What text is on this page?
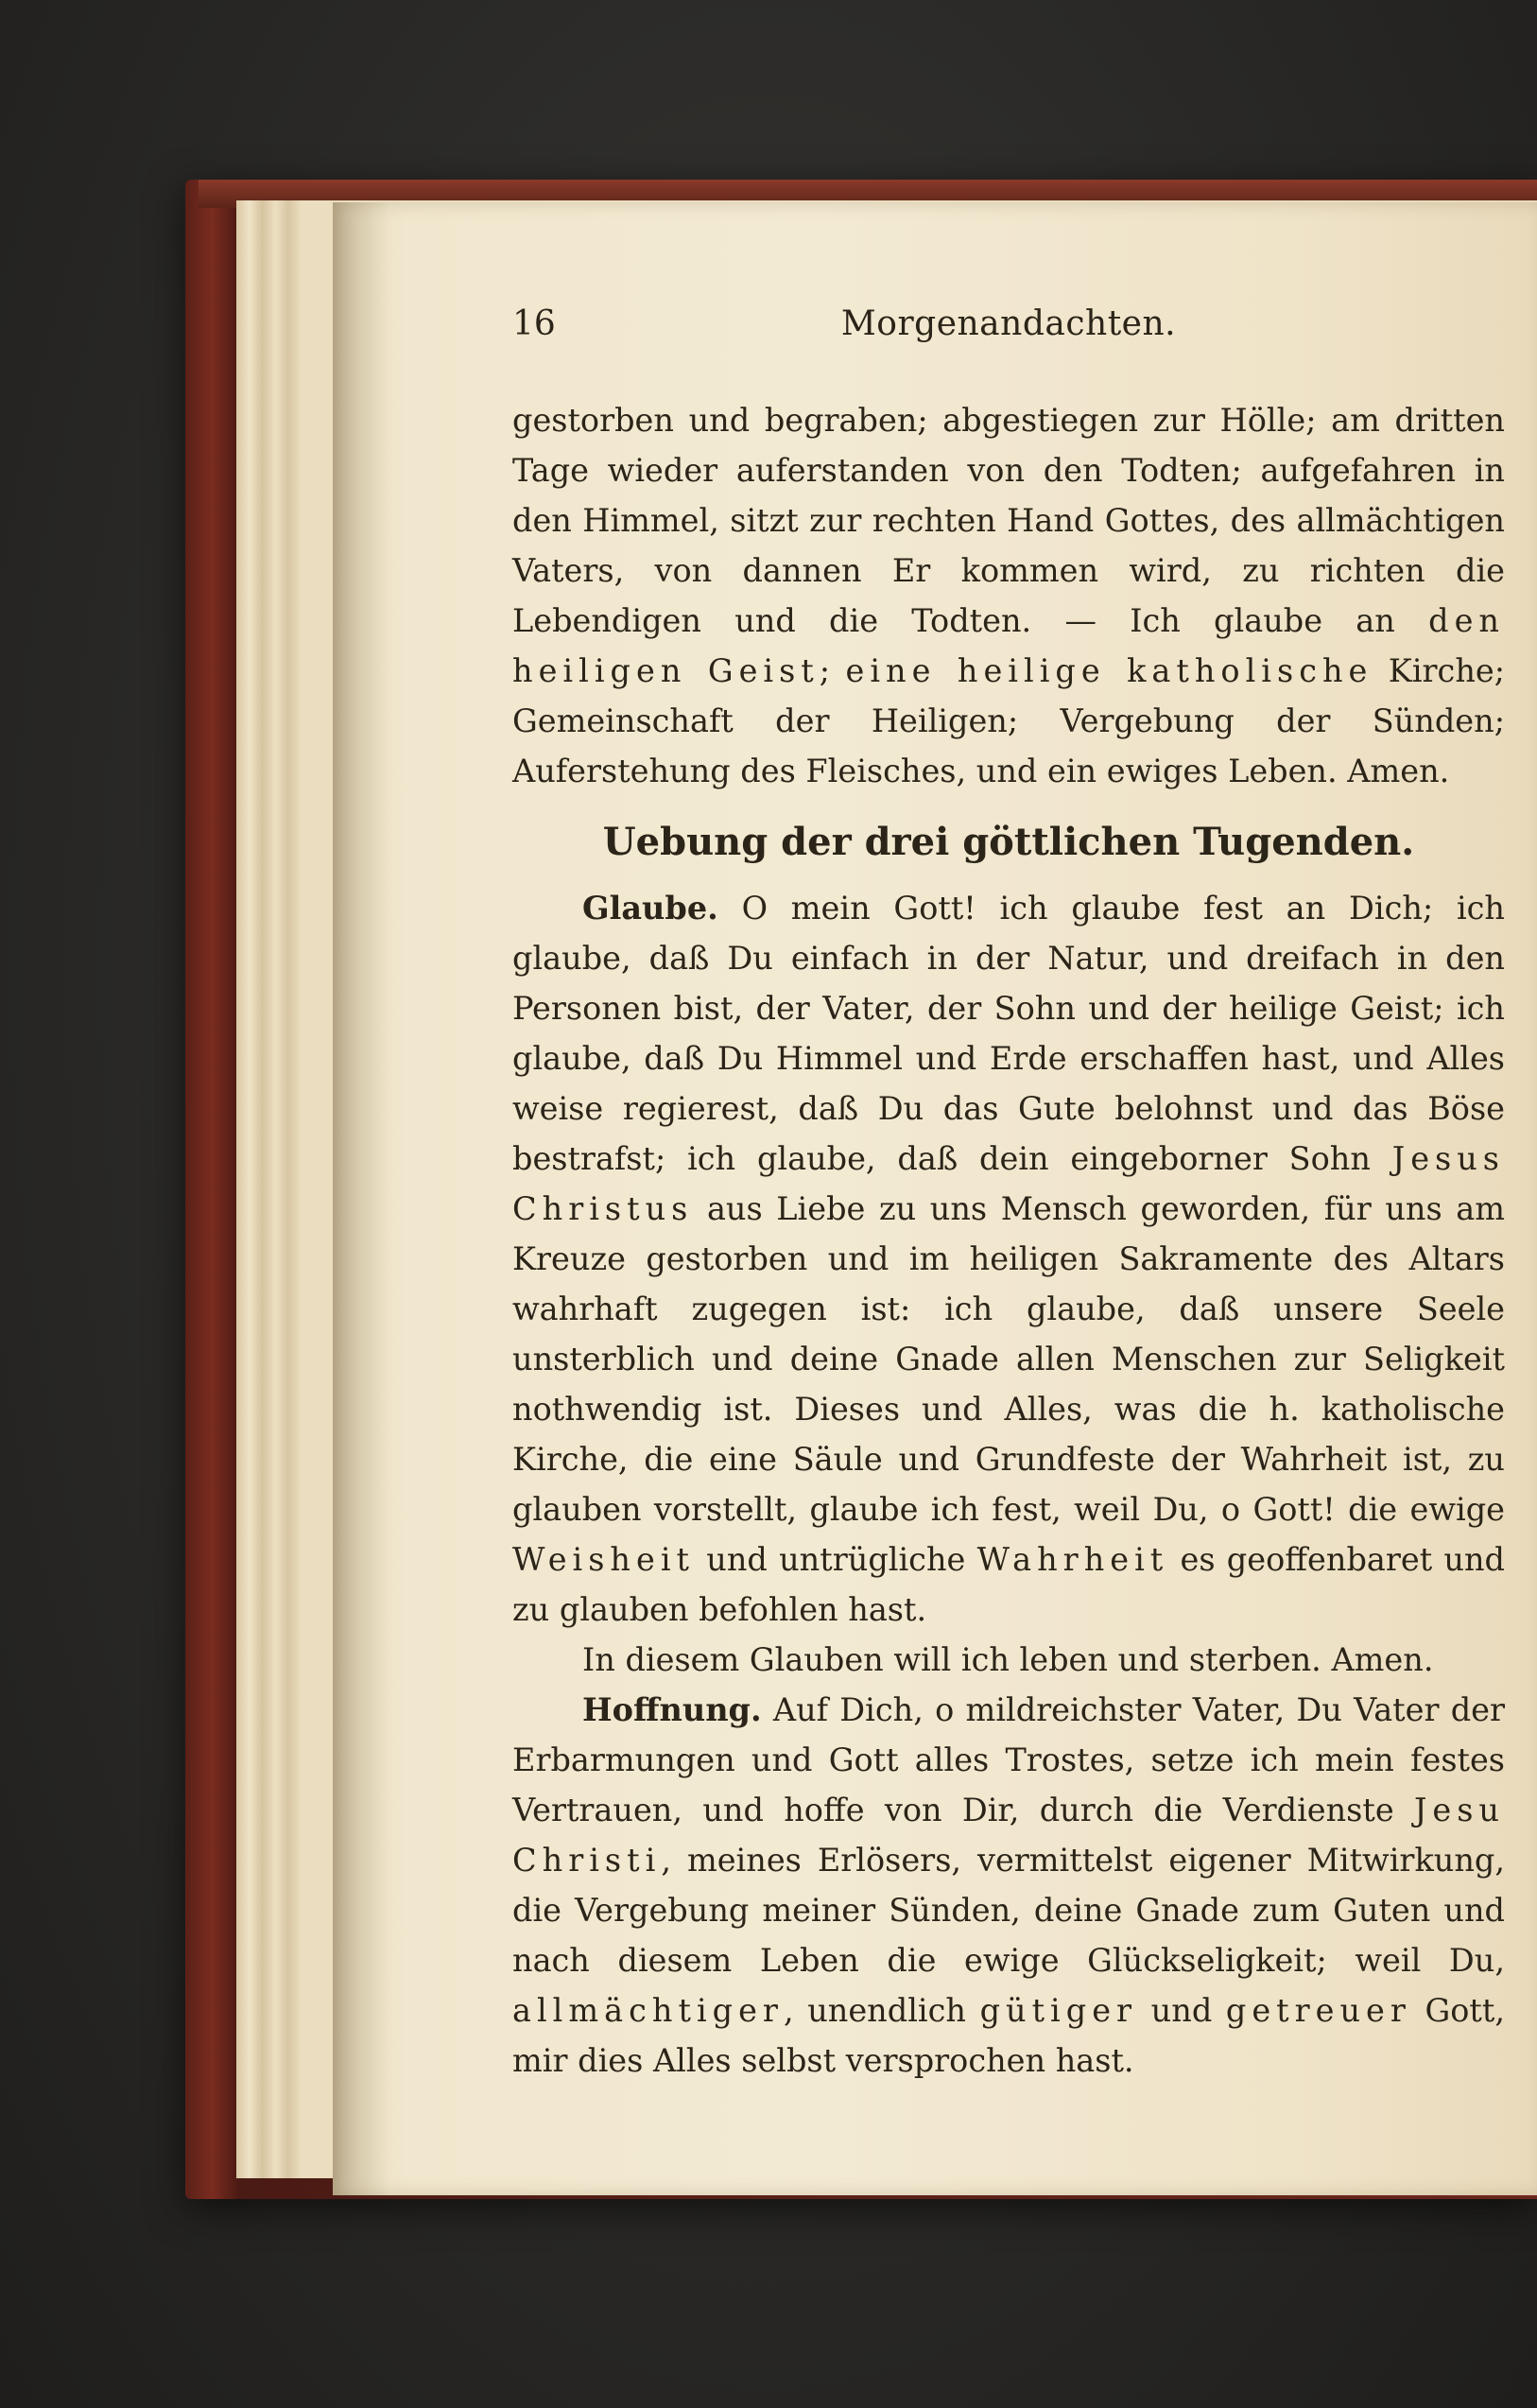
16	Morgenandachten.

gestorben und begraben; abgestiegen zur Hölle; am dritten Tage wieder auferstanden von den Todten; aufgefahren in den Himmel, sitzt zur rechten Hand Gottes, des allmächtigen Vaters, von dannen Er kommen wird, zu richten die Lebendigen und die Todten. — Ich glaube an den heiligen Geist; eine heilige katholische Kirche; Gemeinschaft der Heiligen; Vergebung der Sünden; Auferstehung des Fleisches, und ein ewiges Leben. Amen.

Uebung der drei göttlichen Tugenden.

Glaube. O mein Gott! ich glaube fest an Dich; ich glaube, daß Du einfach in der Natur, und dreifach in den Personen bist, der Vater, der Sohn und der heilige Geist; ich glaube, daß Du Himmel und Erde erschaffen hast, und Alles weise regierest, daß Du das Gute belohnst und das Böse bestrafst; ich glaube, daß dein eingeborner Sohn Jesus Christus aus Liebe zu uns Mensch geworden, für uns am Kreuze gestorben und im heiligen Sakramente des Altars wahrhaft zugegen ist: ich glaube, daß unsere Seele unsterblich und deine Gnade allen Menschen zur Seligkeit nothwendig ist. Dieses und Alles, was die h. katholische Kirche, die eine Säule und Grundfeste der Wahrheit ist, zu glauben vorstellt, glaube ich fest, weil Du, o Gott! die ewige Weisheit und untrügliche Wahrheit es geoffenbaret und zu glauben befohlen hast.

In diesem Glauben will ich leben und sterben. Amen.

Hoffnung. Auf Dich, o mildreichster Vater, Du Vater der Erbarmungen und Gott alles Trostes, setze ich mein festes Vertrauen, und hoffe von Dir, durch die Verdienste Jesu Christi, meines Erlösers, vermittelst eigener Mitwirkung, die Vergebung meiner Sünden, deine Gnade zum Guten und nach diesem Leben die ewige Glückseligkeit; weil Du, allmächtiger, unendlich gütiger und getreuer Gott, mir dies Alles selbst versprochen hast.
